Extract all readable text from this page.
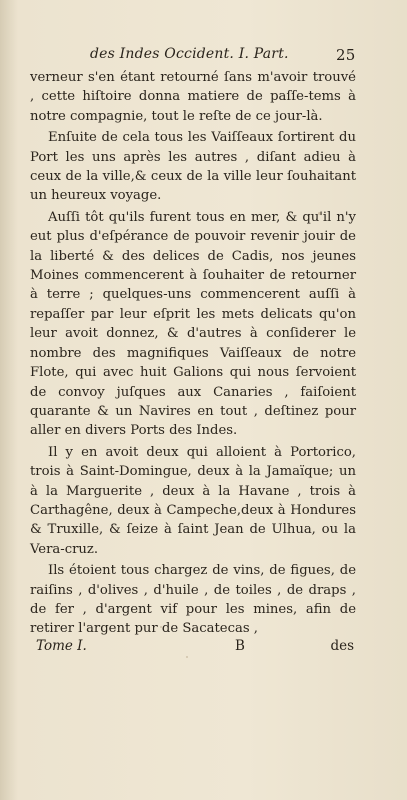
des Indes Occident. I. Part.	25

verneur s'en étant retourné ſans m'avoir trouvé , cette hiſtoire donna matiere de paſſe-tems à notre compagnie, tout le reſte de ce jour-là.

Enſuite de cela tous les Vaiſſeaux ſortirent du Port les uns après les autres , diſant adieu à ceux de la ville,& ceux de la ville leur ſouhaitant un heureux voyage.

Auſſi tôt qu'ils furent tous en mer, & qu'il n'y eut plus d'eſpérance de pouvoir revenir jouir de la liberté & des delices de Cadis, nos jeunes Moines commencerent à ſouhaiter de retourner à terre ; quelques-uns commencerent auſſi à repaſſer par leur eſprit les mets delicats qu'on leur avoit donnez, & d'autres à conſiderer le nombre des magnifiques Vaiſſeaux de notre Flote, qui avec huit Galions qui nous ſervoient de convoy juſques aux Canaries , faiſoient quarante & un Navires en tout , deſtinez pour aller en divers Ports des Indes.

Il y en avoit deux qui alloient à Portorico, trois à Saint-Domingue, deux à la Jamaïque; un à la Marguerite , deux à la Havane , trois à Carthagêne, deux à Campeche,deux à Hondures & Truxille, & ſeize à ſaint Jean de Ulhua, ou la Vera-cruz.

Ils étoient tous chargez de vins, de figues, de raiſins , d'olives , d'huile , de toiles , de draps , de fer , d'argent vif pour les mines, afin de retirer l'argent pur de Sacatecas ,

Tome I.	B	des
